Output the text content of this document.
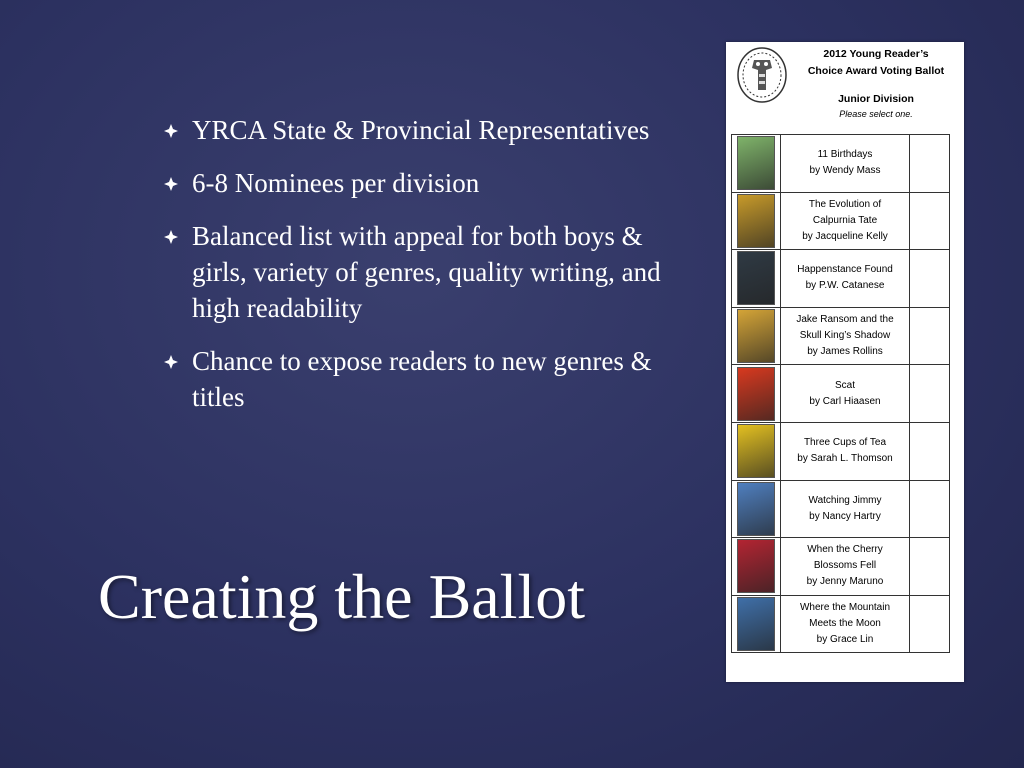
YRCA State & Provincial Representatives
6-8 Nominees per division
Balanced list with appeal for both boys & girls, variety of genres, quality writing, and high readability
Chance to expose readers to new genres & titles
Creating the Ballot
2012 Young Reader’s
Choice Award Voting Ballot
Junior Division
Please select one.

	11 Birthdays
by Wendy Mass	

	The Evolution of
Calpurnia Tate
by Jacqueline Kelly	

	Happenstance Found
by P.W. Catanese	

	Jake Ransom and the
Skull King’s Shadow
by James Rollins	

	Scat
by Carl Hiaasen	

	Three Cups of Tea
by Sarah L. Thomson	

	Watching Jimmy
by Nancy Hartry	

	When the Cherry
Blossoms Fell
by Jenny Maruno	

	Where the Mountain
Meets the Moon
by Grace Lin	
